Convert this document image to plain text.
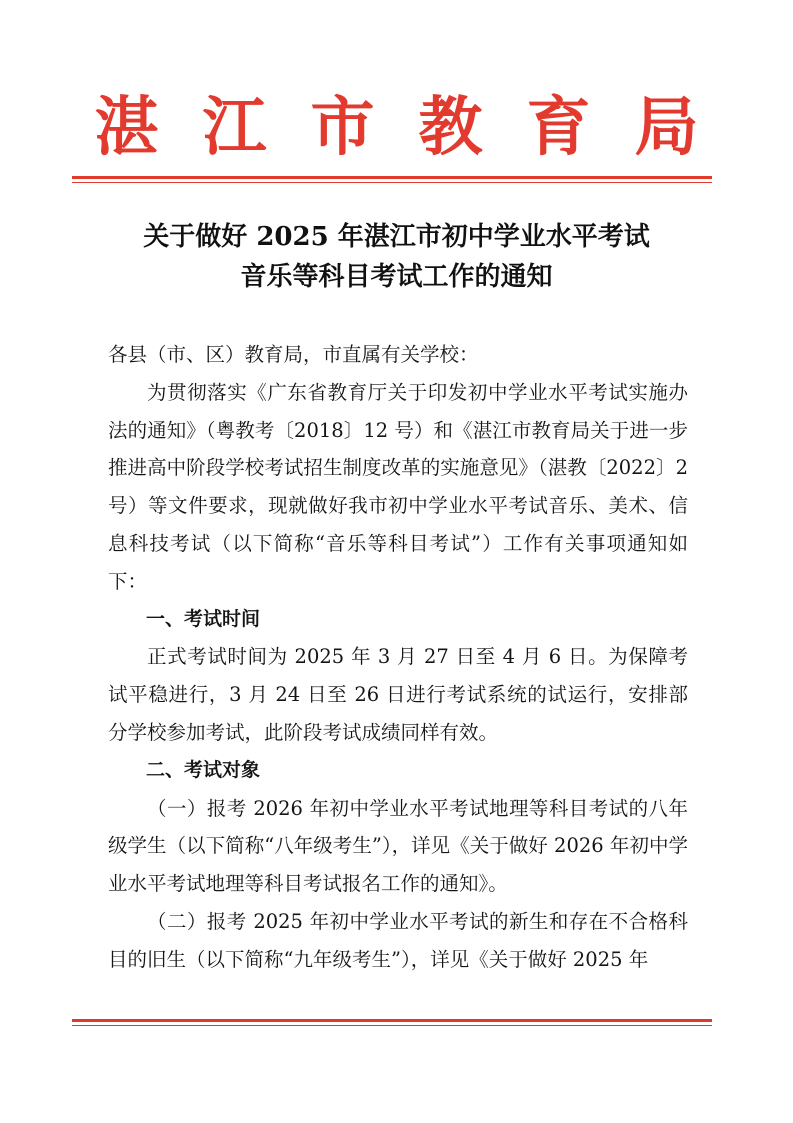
湛江市教育局
关于做好 2025 年湛江市初中学业水平考试
音乐等科目考试工作的通知

各县（市、区）教育局，市直属有关学校：

为贯彻落实《广东省教育厅关于印发初中学业水平考试实施办法的通知》（粤教考〔2018〕12 号）和《湛江市教育局关于进一步推进高中阶段学校考试招生制度改革的实施意见》（湛教〔2022〕2 号）等文件要求，现就做好我市初中学业水平考试音乐、美术、信息科技考试（以下简称“音乐等科目考试”）工作有关事项通知如下：

一、考试时间

正式考试时间为 2025 年 3 月 27 日至 4 月 6 日。为保障考试平稳进行，3 月 24 日至 26 日进行考试系统的试运行，安排部分学校参加考试，此阶段考试成绩同样有效。

二、考试对象

（一）报考 2026 年初中学业水平考试地理等科目考试的八年级学生（以下简称“八年级考生”），详见《关于做好 2026 年初中学业水平考试地理等科目考试报名工作的通知》。

（二）报考 2025 年初中学业水平考试的新生和存在不合格科目的旧生（以下简称“九年级考生”），详见《关于做好 2025 年
